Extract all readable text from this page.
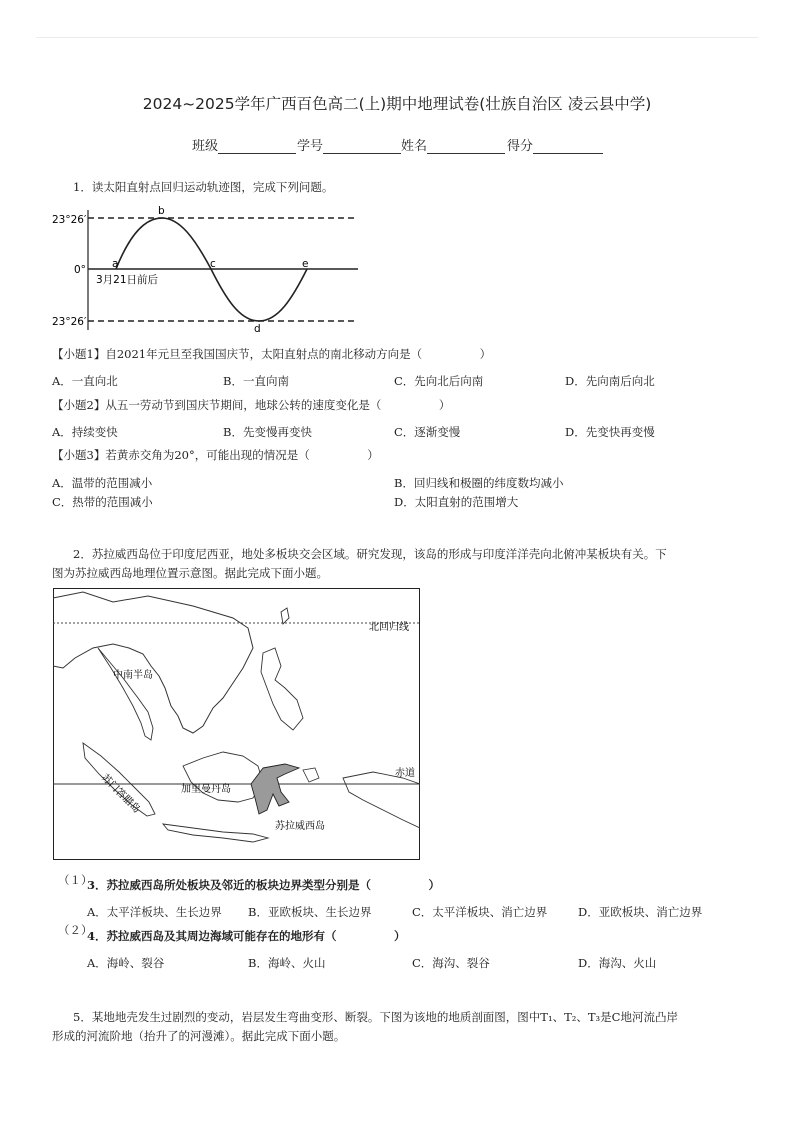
2024~2025学年广西百色高二(上)期中地理试卷(壮族自治区 凌云县中学)
班级	学号	姓名	得分
1．读太阳直射点回归运动轨迹图，完成下列问题。
23°26′
0°
23°26′
a
b
c
d
e
3月21日前后
【小题1】自2021年元旦至我国国庆节，太阳直射点的南北移动方向是（　　　　　）
A．一直向北	B．一直向南	C．先向北后向南	D．先向南后向北
【小题2】从五一劳动节到国庆节期间，地球公转的速度变化是（　　　　　）
A．持续变快	B．先变慢再变快	C．逐渐变慢	D．先变快再变慢
【小题3】若黄赤交角为20°，可能出现的情况是（　　　　　）
A．温带的范围减小	B．回归线和极圈的纬度数均减小
C．热带的范围减小	D．太阳直射的范围增大
2．苏拉威西岛位于印度尼西亚，地处多板块交会区域。研究发现，该岛的形成与印度洋洋壳向北俯冲某板块有关。下
图为苏拉威西岛地理位置示意图。据此完成下面小题。
北回归线
中南半岛
赤道
苏门答腊岛	加里曼丹岛
苏拉威西岛
（１）
3．苏拉威西岛所处板块及邻近的板块边界类型分别是（　　　　　）
A．太平洋板块、生长边界 B．亚欧板块、生长边界	C．太平洋板块、消亡边界	D．亚欧板块、消亡边界
（２）
4．苏拉威西岛及其周边海域可能存在的地形有（　　　　　）
A．海岭、裂谷	B．海岭、火山	C．海沟、裂谷	D．海沟、火山
5．某地地壳发生过剧烈的变动，岩层发生弯曲变形、断裂。下图为该地的地质剖面图，图中T₁、T₂、T₃是C地河流凸岸
形成的河流阶地（抬升了的河漫滩）。据此完成下面小题。
